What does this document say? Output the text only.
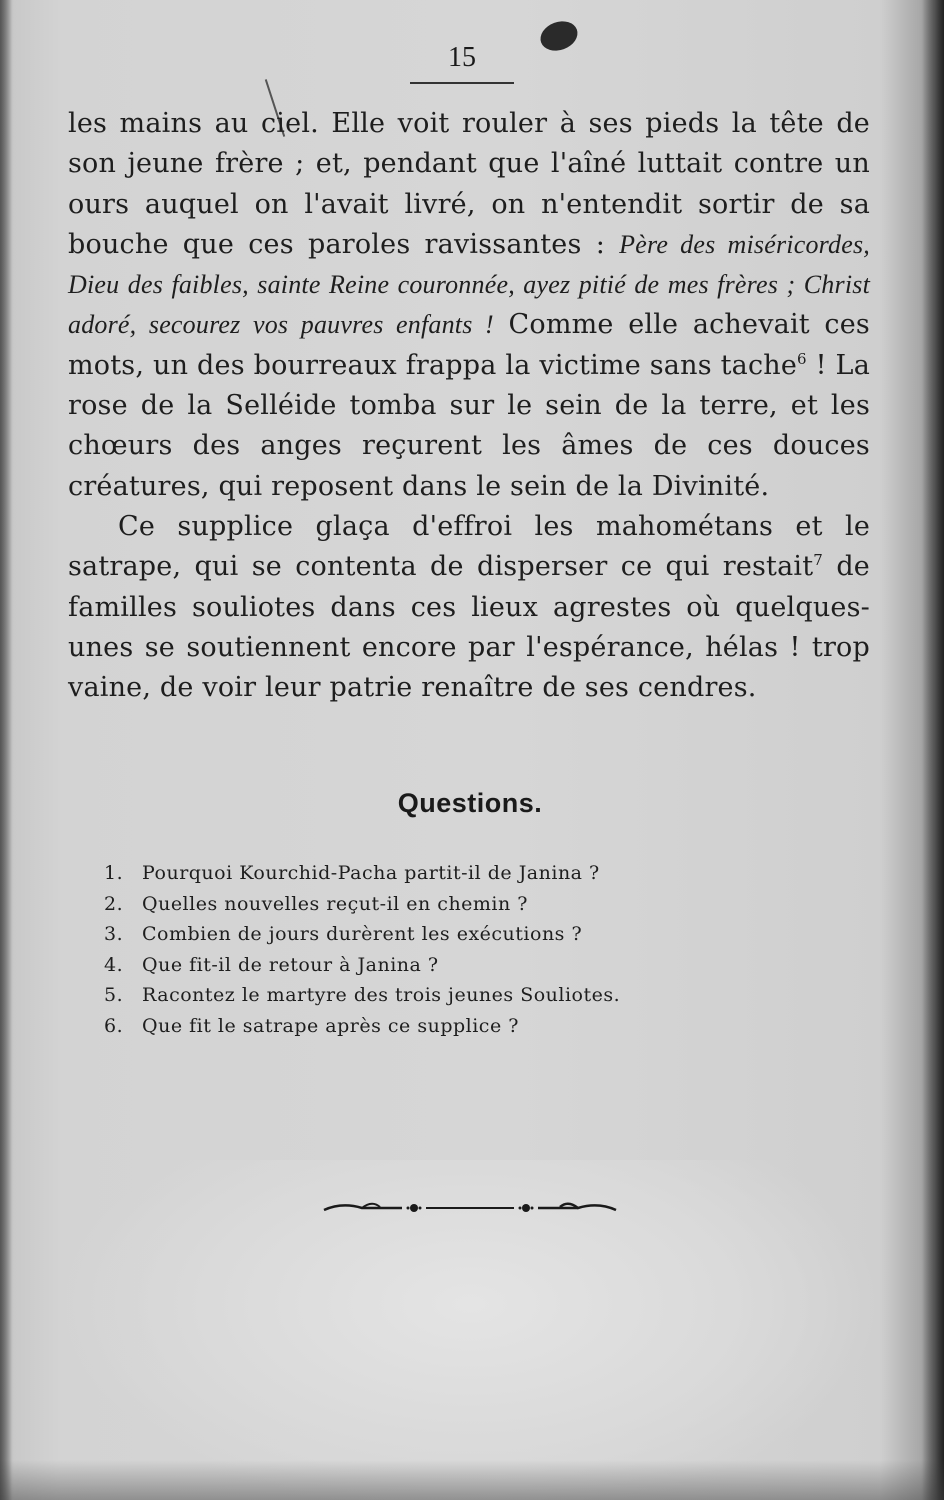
15

les mains au ciel. Elle voit rouler à ses pieds la tête de son jeune frère ; et, pendant que l'aîné luttait contre un ours auquel on l'avait livré, on n'entendit sortir de sa bouche que ces paroles ravissantes : Père des miséricordes, Dieu des faibles, sainte Reine couronnée, ayez pitié de mes frères ; Christ adoré, secourez vos pauvres enfants ! Comme elle achevait ces mots, un des bourreaux frappa la victime sans tache$^6$ ! La rose de la Selléide tomba sur le sein de la terre, et les chœurs des anges reçurent les âmes de ces douces créatures, qui reposent dans le sein de la Divinité.

Ce supplice glaça d'effroi les mahométans et le satrape, qui se contenta de disperser ce qui restait$^7$ de familles souliotes dans ces lieux agrestes où quelques-unes se soutiennent encore par l'espérance, hélas ! trop vaine, de voir leur patrie renaître de ses cendres.

Questions.
1. Pourquoi Kourchid-Pacha partit-il de Janina ?
2. Quelles nouvelles reçut-il en chemin ?
3. Combien de jours durèrent les exécutions ?
4. Que fit-il de retour à Janina ?
5. Racontez le martyre des trois jeunes Souliotes.
6. Que fit le satrape après ce supplice ?
